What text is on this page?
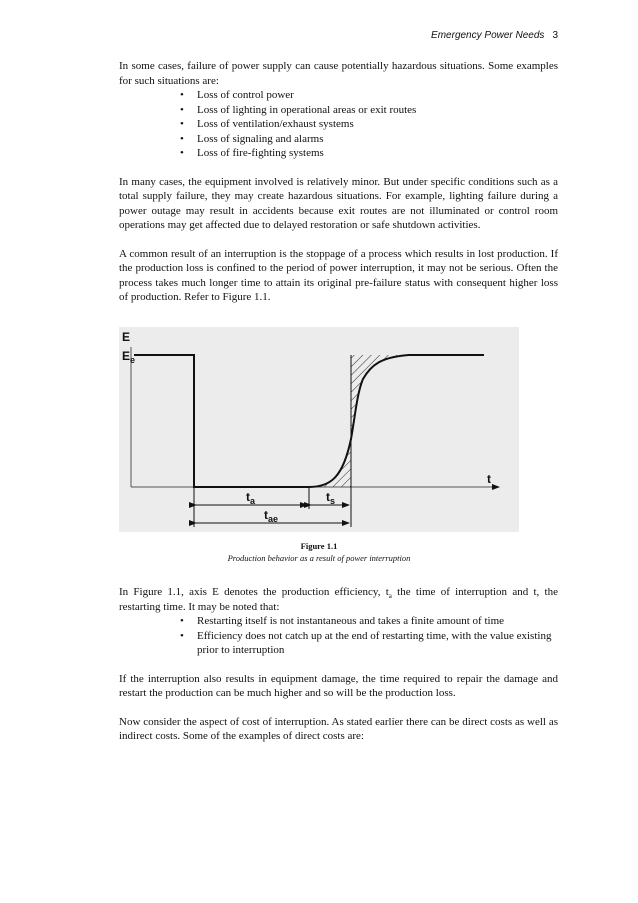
Emergency Power Needs 3

In some cases, failure of power supply can cause potentially hazardous situations. Some examples for such situations are:

• Loss of control power
• Loss of lighting in operational areas or exit routes
• Loss of ventilation/exhaust systems
• Loss of signaling and alarms
• Loss of fire-fighting systems

In many cases, the equipment involved is relatively minor. But under specific conditions such as a total supply failure, they may create hazardous situations. For example, lighting failure during a power outage may result in accidents because exit routes are not illuminated or control room operations may get affected due to delayed restoration or safe shutdown activities.

A common result of an interruption is the stoppage of a process which results in lost production. If the production loss is confined to the period of power interruption, it may not be serious. Often the process takes much longer time to attain its original pre-failure status with consequent higher loss of production. Refer to Figure 1.1.

E
$E_e$
t
$t_a$	$t_s$
$t_{ae}$
Figure 1.1
Production behavior as a result of power interruption

In Figure 1.1, axis E denotes the production efficiency, $t_a$ the time of interruption and t, the restarting time. It may be noted that:

• Restarting itself is not instantaneous and takes a finite amount of time
• Efficiency does not catch up at the end of restarting time, with the value existing prior to interruption

If the interruption also results in equipment damage, the time required to repair the damage and restart the production can be much higher and so will be the production loss.

Now consider the aspect of cost of interruption. As stated earlier there can be direct costs as well as indirect costs. Some of the examples of direct costs are:
